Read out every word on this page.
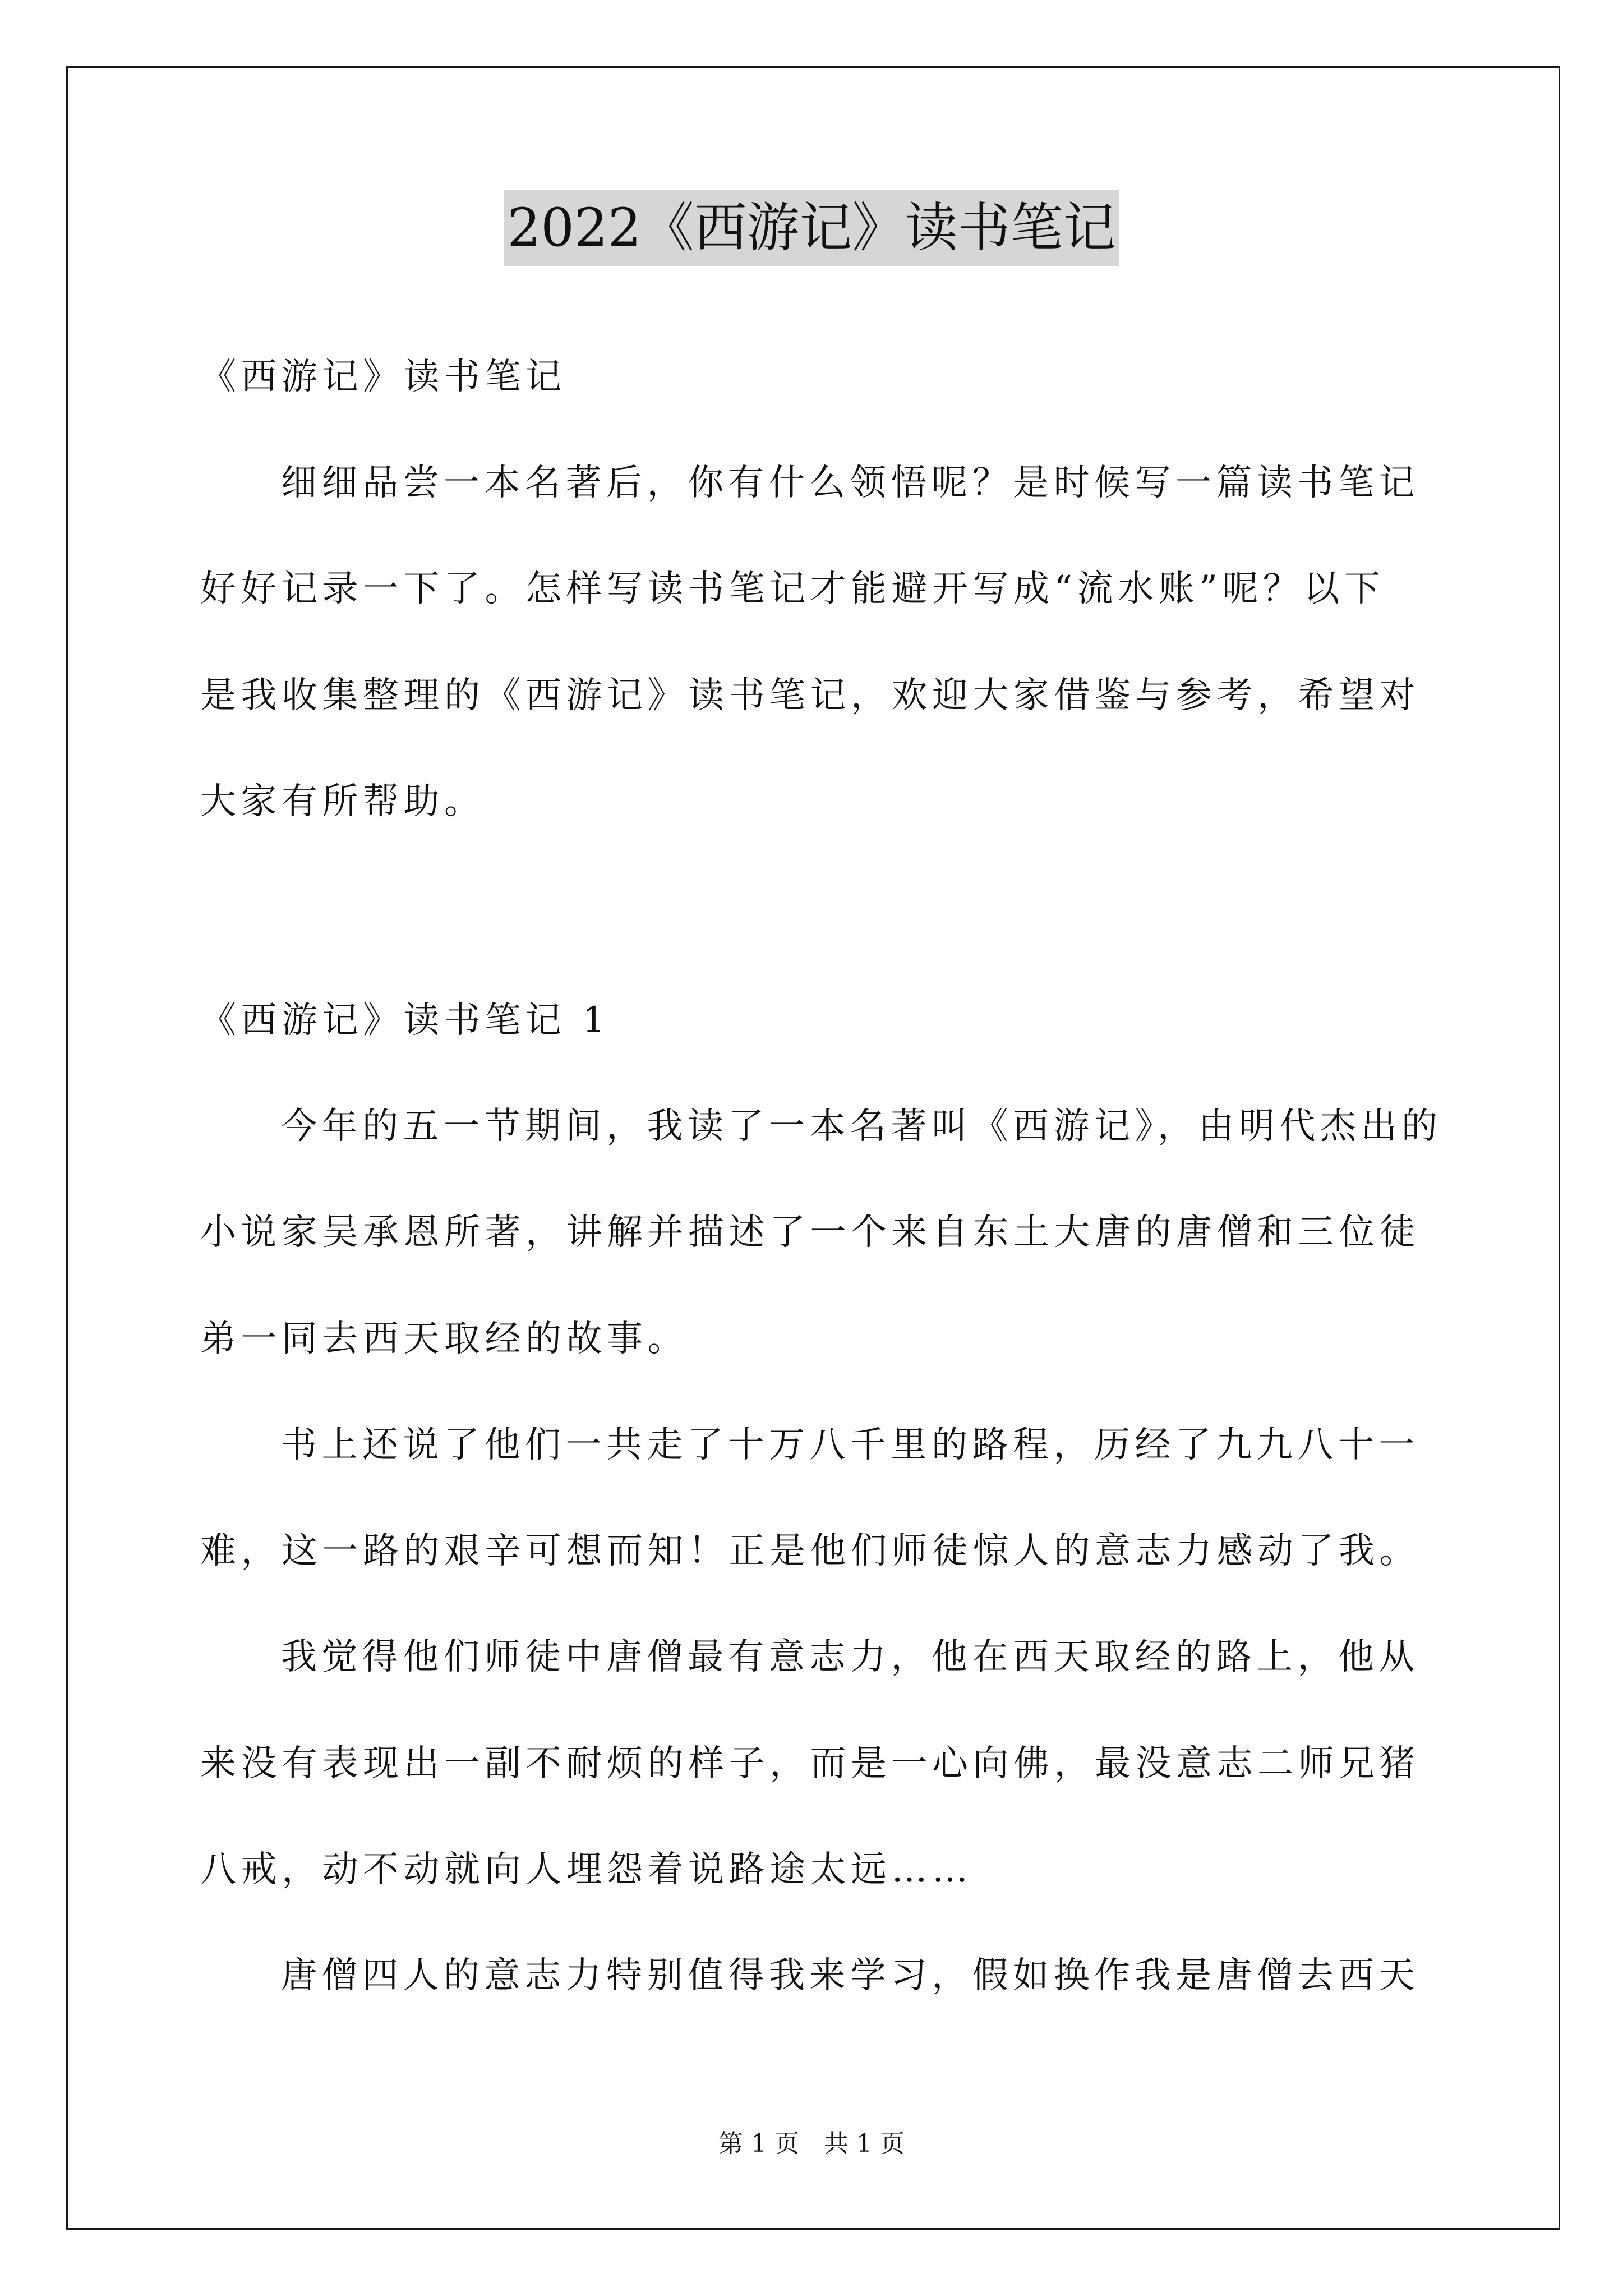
2022《西游记》读书笔记
《西游记》读书笔记
细细品尝一本名著后，你有什么领悟呢？是时候写一篇读书笔记
好好记录一下了。怎样写读书笔记才能避开写成“流水账”呢？以下
是我收集整理的《西游记》读书笔记，欢迎大家借鉴与参考，希望对
大家有所帮助。
《西游记》读书笔记 1
今年的五一节期间，我读了一本名著叫《西游记》，由明代杰出的
小说家吴承恩所著，讲解并描述了一个来自东土大唐的唐僧和三位徒
弟一同去西天取经的故事。
书上还说了他们一共走了十万八千里的路程，历经了九九八十一
难，这一路的艰辛可想而知！正是他们师徒惊人的意志力感动了我。
我觉得他们师徒中唐僧最有意志力，他在西天取经的路上，他从
来没有表现出一副不耐烦的样子，而是一心向佛，最没意志二师兄猪
八戒，动不动就向人埋怨着说路途太远……
唐僧四人的意志力特别值得我来学习，假如换作我是唐僧去西天
第 1 页　共 1 页
